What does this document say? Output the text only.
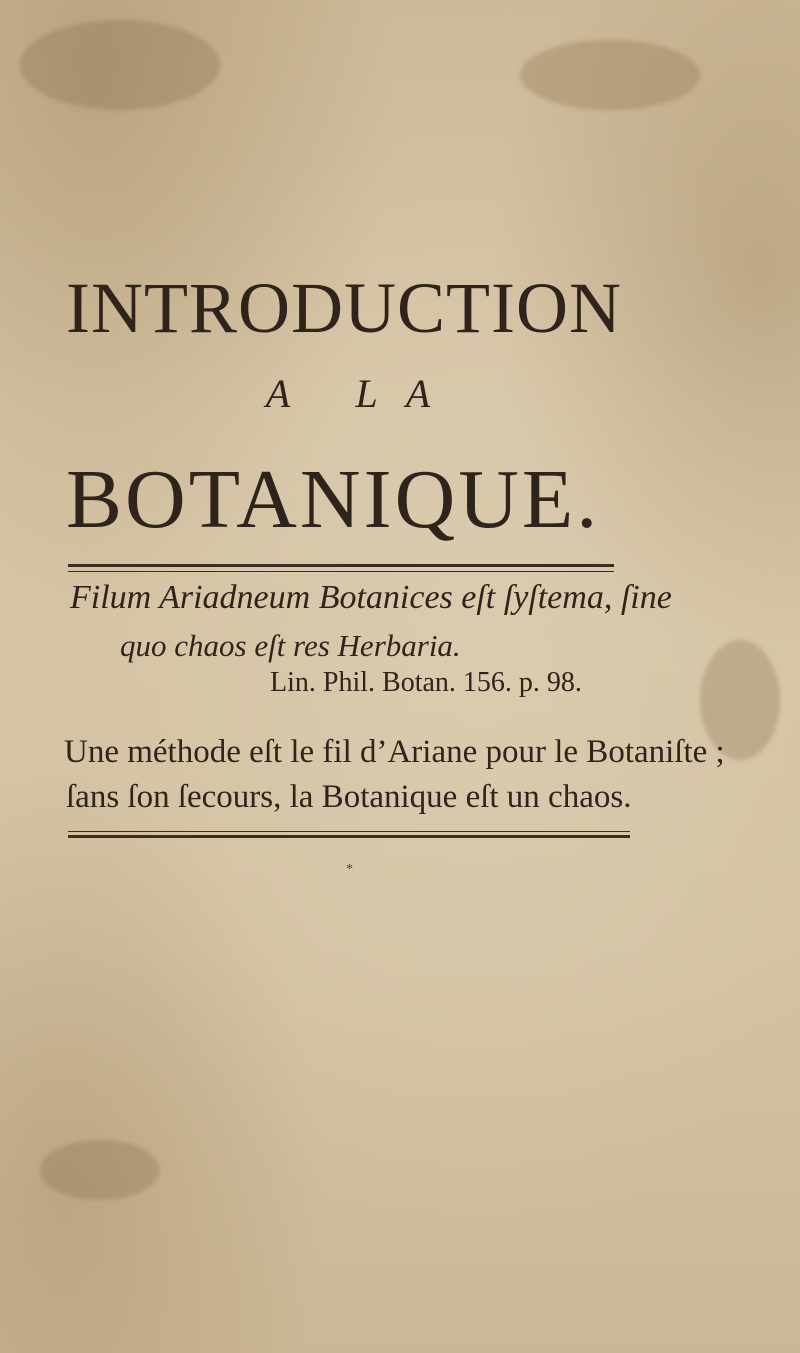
INTRODUCTION
A LA
BOTANIQUE.
Filum Ariadneum Botanices eſt ſyſtema, ſine
quo chaos eſt res Herbaria.
Lin. Phil. Botan. 156. p. 98.
Une méthode eſt le fil d’Ariane pour le Botaniſte ;
ſans ſon ſecours, la Botanique eſt un chaos.
*
